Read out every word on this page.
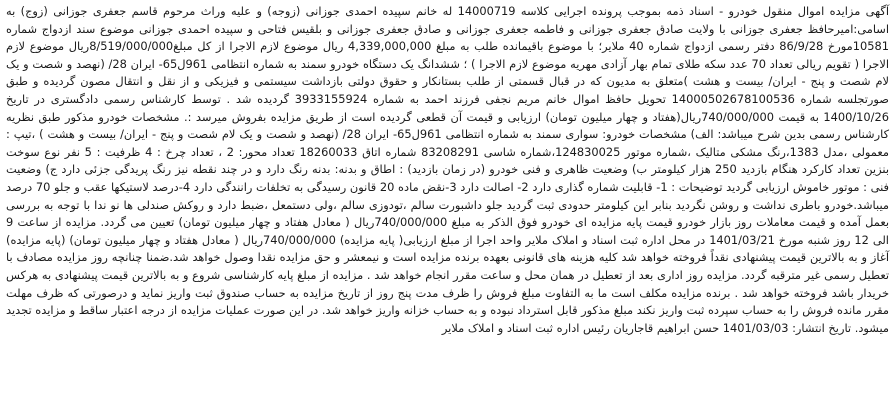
آگهی مزایده اموال منقول خودرو - اسناد ذمه بموجب پرونده اجرایی کلاسه 14000719 له خانم سپیده احمدی جوزانی (زوجه) و علیه وراث مرحوم قاسم جعفری جوزانی (زوج) به اسامی:امیرحافظ جعفری جوزانی با ولایت صادق جعفری جوزانی و فاطمه جعفری جوزانی و صادق جعفری جوزانی و بلقیس فتاحی و سپیده احمدی جوزانی موضوع سند ازدواج شماره 10581مورخ 86/9/28 دفتر رسمی ازدواج شماره 40 ملایر؛ با موضوع باقیمانده طلب به مبلغ 4,339,000,000 ریال موضوع لازم الاجرا از کل مبلغ8/519/000/000ریال موضوع لازم الاجرا ( تقویم ریالی تعداد 70 عدد سکه طلای تمام بهار آزادی مهریه موضوع لازم الاجرا ) ؛ ششدانگ یک دستگاه خودرو سمند به شماره انتظامی 961ل65- ایران 28/ (نهصد و شصت و یک لام شصت و پنج - ایران/ بیست و هشت )متعلق به مدیون که در قبال قسمتی از طلب بستانکار و حقوق دولتی بازداشت سیستمی و فیزیکی و از نقل و انتقال مصون گردیده و طبق صورتجلسه شماره 14000502678100536 تحویل حافظ اموال خانم مریم نجفی فرزند احمد به شماره 3933155924 گردیده شد . توسط کارشناس رسمی دادگستری در تاریخ 1400/10/26 به قیمت 740/000/000ریال(هفتاد و چهار میلیون تومان) ارزیابی و قیمت آن قطعی گردیده است از طریق مزایده بفروش میرسد :. مشخصات خودرو مذکور طبق نظریه کارشناس رسمی بدین شرح میباشد: الف) مشخصات خودرو: سواری سمند به شماره انتظامی 961ل65- ایران 28/ (نهصد و شصت و یک لام شصت و پنج - ایران/ بیست و هشت ) ،تیپ : معمولی ،مدل 1383،رنگ مشکی متالیک ،شماره موتور 124830025،شماره شاسی 83208291 شماره اتاق 18260033 تعداد محور: 2 ، تعداد چرخ : 4 ظرفیت : 5 نفر نوع سوخت بنزین تعداد کارکرد هنگام بازدید 250 هزار کیلومتر ب) وضعیت ظاهری و فنی خودرو (در زمان بازدید) : اطاق و بدنه: بدنه رنگ دارد و در چند نقطه نیز رنگ پریدگی جزئی دارد ج) وضعیت فنی : موتور خاموش ارزیابی گردید توضیحات : 1- قابلیت شماره گذاری دارد 2- اصالت دارد 3-نقض ماده 20 قانون رسیدگی به تخلفات رانندگی دارد 4-درصد لاستیکها عقب و جلو 70 درصد میباشد.خودرو باطری نداشت و روشن نگردید بنابر این کیلومتر حدودی ثبت گردید جلو داشبورت سالم ،تودوزی سالم ،ولی دستمعل ،ضبط دارد و روکش صندلی ها نو ندا با توجه به بررسی بعمل آمده و قیمت معاملات روز بازار خودرو قیمت پایه مزایده ای خودرو فوق الذکر به مبلغ 740/000/000ریال ( معادل هفتاد و چهار میلیون تومان) تعیین می گردد. مزایده از ساعت 9 الی 12 روز شنبه مورخ 1401/03/21 در محل اداره ثبت اسناد و املاک ملایر واحد اجرا از مبلغ ارزیابی( پایه مزایده) 740/000/000ریال ( معادل هفتاد و چهار میلیون تومان) (پایه مزایده) آغاز و به بالاترین قیمت پیشنهادی نقداً فروخته خواهد شد کلیه هزینه های قانونی بعهده برنده مزایده است و نیمعشر و حق مزایده نقدا وصول خواهد شد.ضمنا چنانچه روز مزایده مصادف با تعطیل رسمی غیر مترقبه گردد. مزایده روز اداری بعد از تعطیل در همان محل و ساعت مقرر انجام خواهد شد . مزایده از مبلغ پایه کارشناسی شروع و به بالاترین قیمت پیشنهادی به هرکس خریدار باشد فروخته خواهد شد . برنده مزایده مکلف است ما به التفاوت مبلغ فروش را ظرف مدت پنج روز از تاریخ مزایده به حساب صندوق ثبت واریز نماید و درصورتی که ظرف مهلت مقرر مانده فروش را به حساب سپرده ثبت واریز نکند مبلغ مذکور قابل استرداد نبوده و به حساب خزانه واریز خواهد شد. در این صورت عملیات مزایده از درجه اعتبار ساقط و مزایده تجدید میشود. تاریخ انتشار: 1401/03/03 حسن ابراهیم قاجاریان رئیس اداره ثبت اسناد و املاک ملایر
